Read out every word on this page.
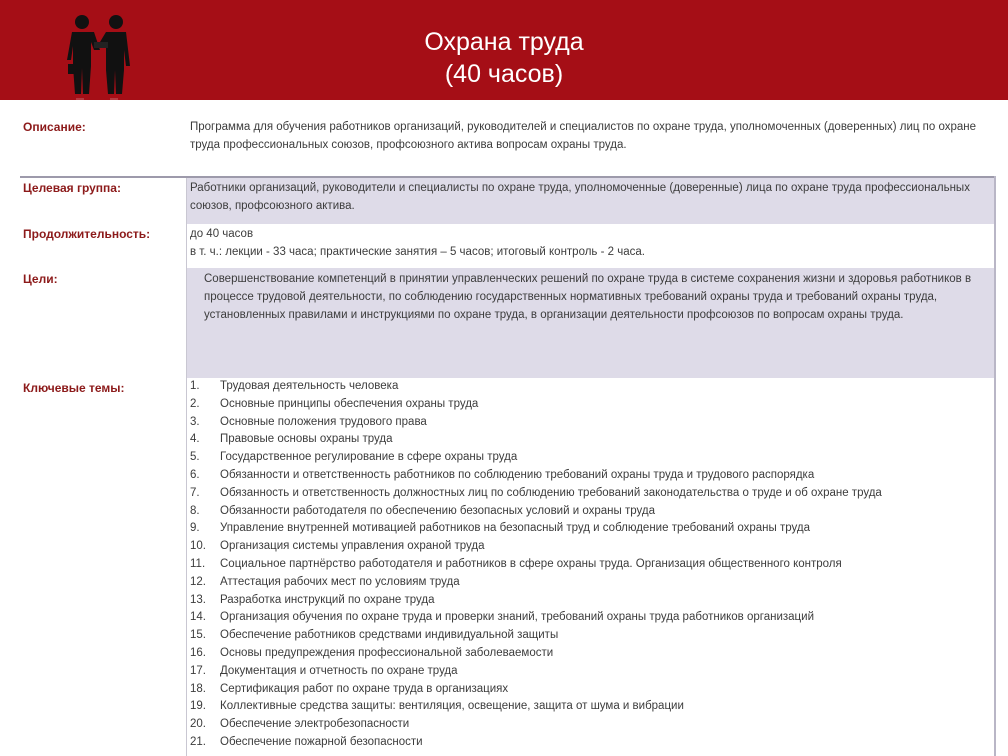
Охрана труда
(40 часов)
Описание:	Программа для обучения работников организаций, руководителей и специалистов по охране труда, уполномоченных (доверенных) лиц по охране труда профессиональных союзов, профсоюзного актива вопросам охраны труда.
Целевая группа:	Работники организаций, руководители и специалисты по охране труда, уполномоченные (доверенные) лица по охране труда профессиональных союзов, профсоюзного актива.
Продолжительность:	до 40 часов
в т. ч.: лекции - 33 часа; практические занятия – 5 часов; итоговый контроль - 2 часа.
Цели:	Совершенствование компетенций в принятии управленческих решений по охране труда в системе сохранения жизни и здоровья работников в процессе трудовой деятельности, по соблюдению государственных нормативных требований охраны труда и требований охраны труда, установленных правилами и инструкциями по охране труда, в организации деятельности профсоюзов по вопросам охраны труда.
Ключевые темы:	1.	Трудовая деятельность человека
2.	Основные принципы обеспечения охраны труда
3.	Основные положения трудового права
4.	Правовые основы охраны труда
5.	Государственное регулирование в сфере охраны труда
6.	Обязанности и ответственность работников по соблюдению требований охраны труда и трудового распорядка
7.	Обязанность и ответственность должностных лиц по соблюдению требований законодательства о труде и об охране труда
8.	Обязанности работодателя по обеспечению безопасных условий и охраны труда
9.	Управление внутренней мотивацией работников на безопасный труд и соблюдение требований охраны труда
10.	Организация системы управления охраной труда
11.	Социальное партнёрство работодателя и работников в сфере охраны труда. Организация общественного контроля
12.	Аттестация рабочих мест по условиям труда
13.	Разработка инструкций по охране труда
14.	Организация обучения по охране труда и проверки знаний, требований охраны труда работников организаций
15.	Обеспечение работников средствами индивидуальной защиты
16.	Основы предупреждения профессиональной заболеваемости
17.	Документация и отчетность по охране труда
18.	Сертификация работ по охране труда в организациях
19.	Коллективные средства защиты: вентиляция, освещение, защита от шума и вибрации
20.	Обеспечение электробезопасности
21.	Обеспечение пожарной безопасности
